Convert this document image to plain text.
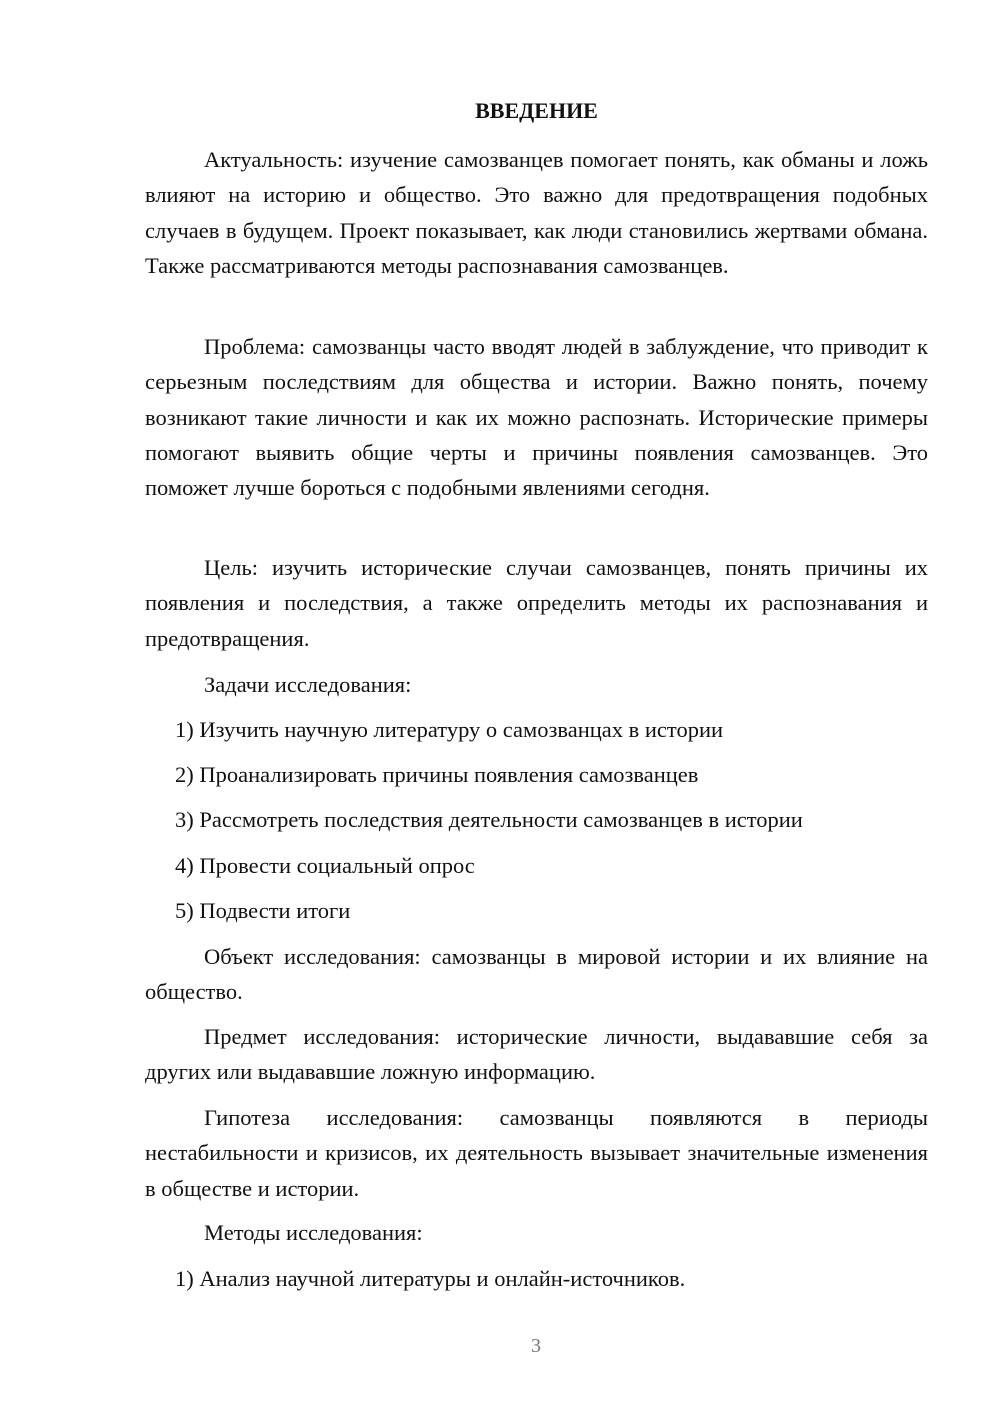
ВВЕДЕНИЕ

Актуальность: изучение самозванцев помогает понять, как обманы и ложь влияют на историю и общество. Это важно для предотвращения подобных случаев в будущем. Проект показывает, как люди становились жертвами обмана. Также рассматриваются методы распознавания самозванцев.

Проблема: самозванцы часто вводят людей в заблуждение, что приводит к серьезным последствиям для общества и истории. Важно понять, почему возникают такие личности и как их можно распознать. Исторические примеры помогают выявить общие черты и причины появления самозванцев. Это поможет лучше бороться с подобными явлениями сегодня.

Цель: изучить исторические случаи самозванцев, понять причины их появления и последствия, а также определить методы их распознавания и предотвращения.

Задачи исследования:

1) Изучить научную литературу о самозванцах в истории

2) Проанализировать причины появления самозванцев

3) Рассмотреть последствия деятельности самозванцев в истории

4) Провести социальный опрос

5) Подвести итоги

Объект исследования: самозванцы в мировой истории и их влияние на общество.

Предмет исследования: исторические личности, выдававшие себя за других или выдававшие ложную информацию.

Гипотеза исследования: самозванцы появляются в периоды нестабильности и кризисов, их деятельность вызывает значительные изменения в обществе и истории.

Методы исследования:

1) Анализ научной литературы и онлайн-источников.

3
